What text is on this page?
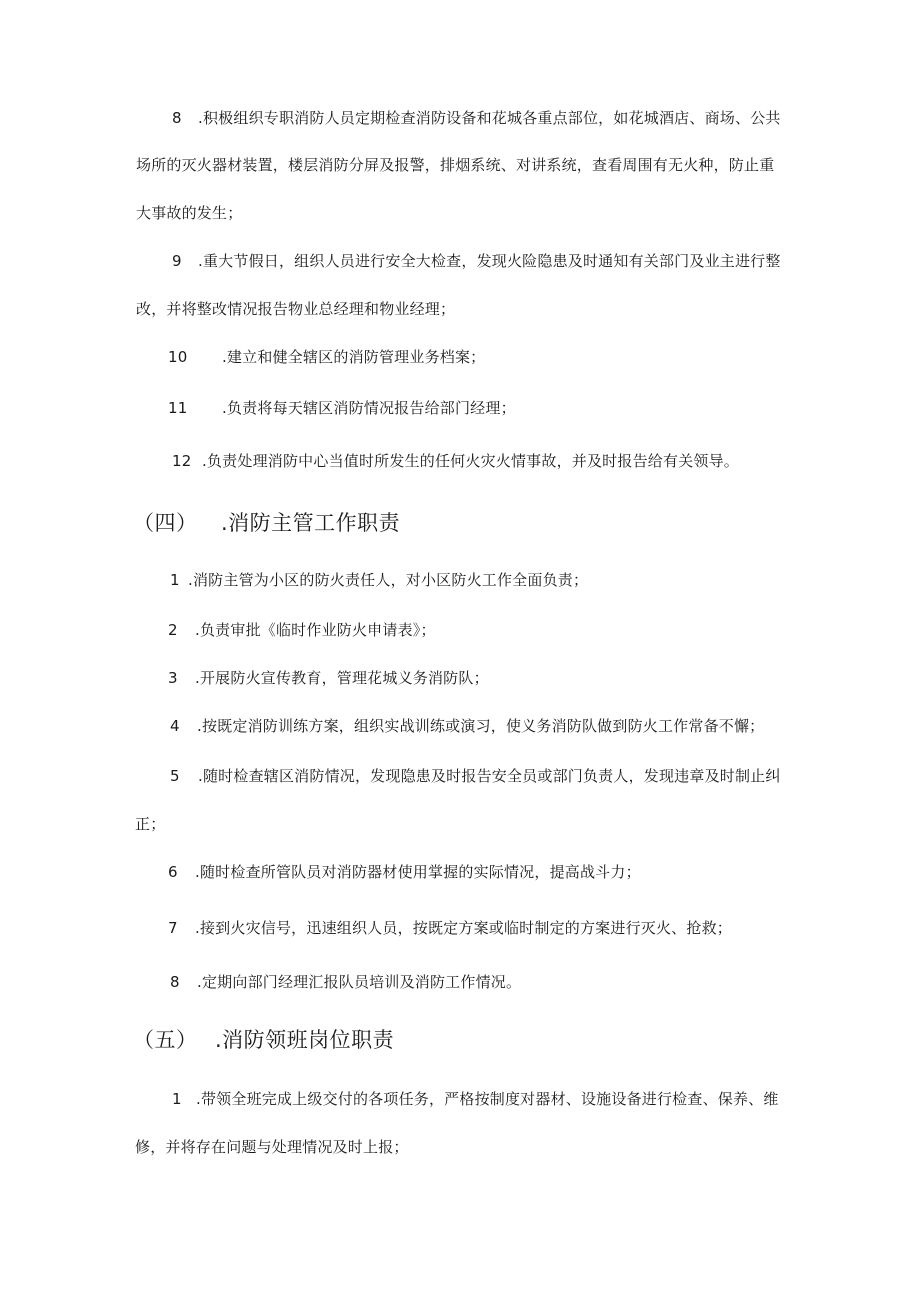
8 .积极组织专职消防人员定期检查消防设备和花城各重点部位，如花城酒店、商场、公共
场所的灭火器材装置，楼层消防分屏及报警，排烟系统、对讲系统，查看周围有无火种，防止重
大事故的发生；
9 .重大节假日，组织人员进行安全大检查，发现火险隐患及时通知有关部门及业主进行整
改，并将整改情况报告物业总经理和物业经理；
10 .建立和健全辖区的消防管理业务档案；
11 .负责将每天辖区消防情况报告给部门经理；
12 .负责处理消防中心当值时所发生的任何火灾火情事故，并及时报告给有关领导。
（四） .消防主管工作职责
1 .消防主管为小区的防火责任人，对小区防火工作全面负责；
2 .负责审批《临时作业防火申请表》；
3 .开展防火宣传教育，管理花城义务消防队；
4 .按既定消防训练方案，组织实战训练或演习，使义务消防队做到防火工作常备不懈；
5 .随时检查辖区消防情况，发现隐患及时报告安全员或部门负责人，发现违章及时制止纠
正；
6 .随时检查所管队员对消防器材使用掌握的实际情况，提高战斗力；
7 .接到火灾信号，迅速组织人员，按既定方案或临时制定的方案进行灭火、抢救；
8 .定期向部门经理汇报队员培训及消防工作情况。
（五） .消防领班岗位职责
1 .带领全班完成上级交付的各项任务，严格按制度对器材、设施设备进行检查、保养、维
修，并将存在问题与处理情况及时上报；
